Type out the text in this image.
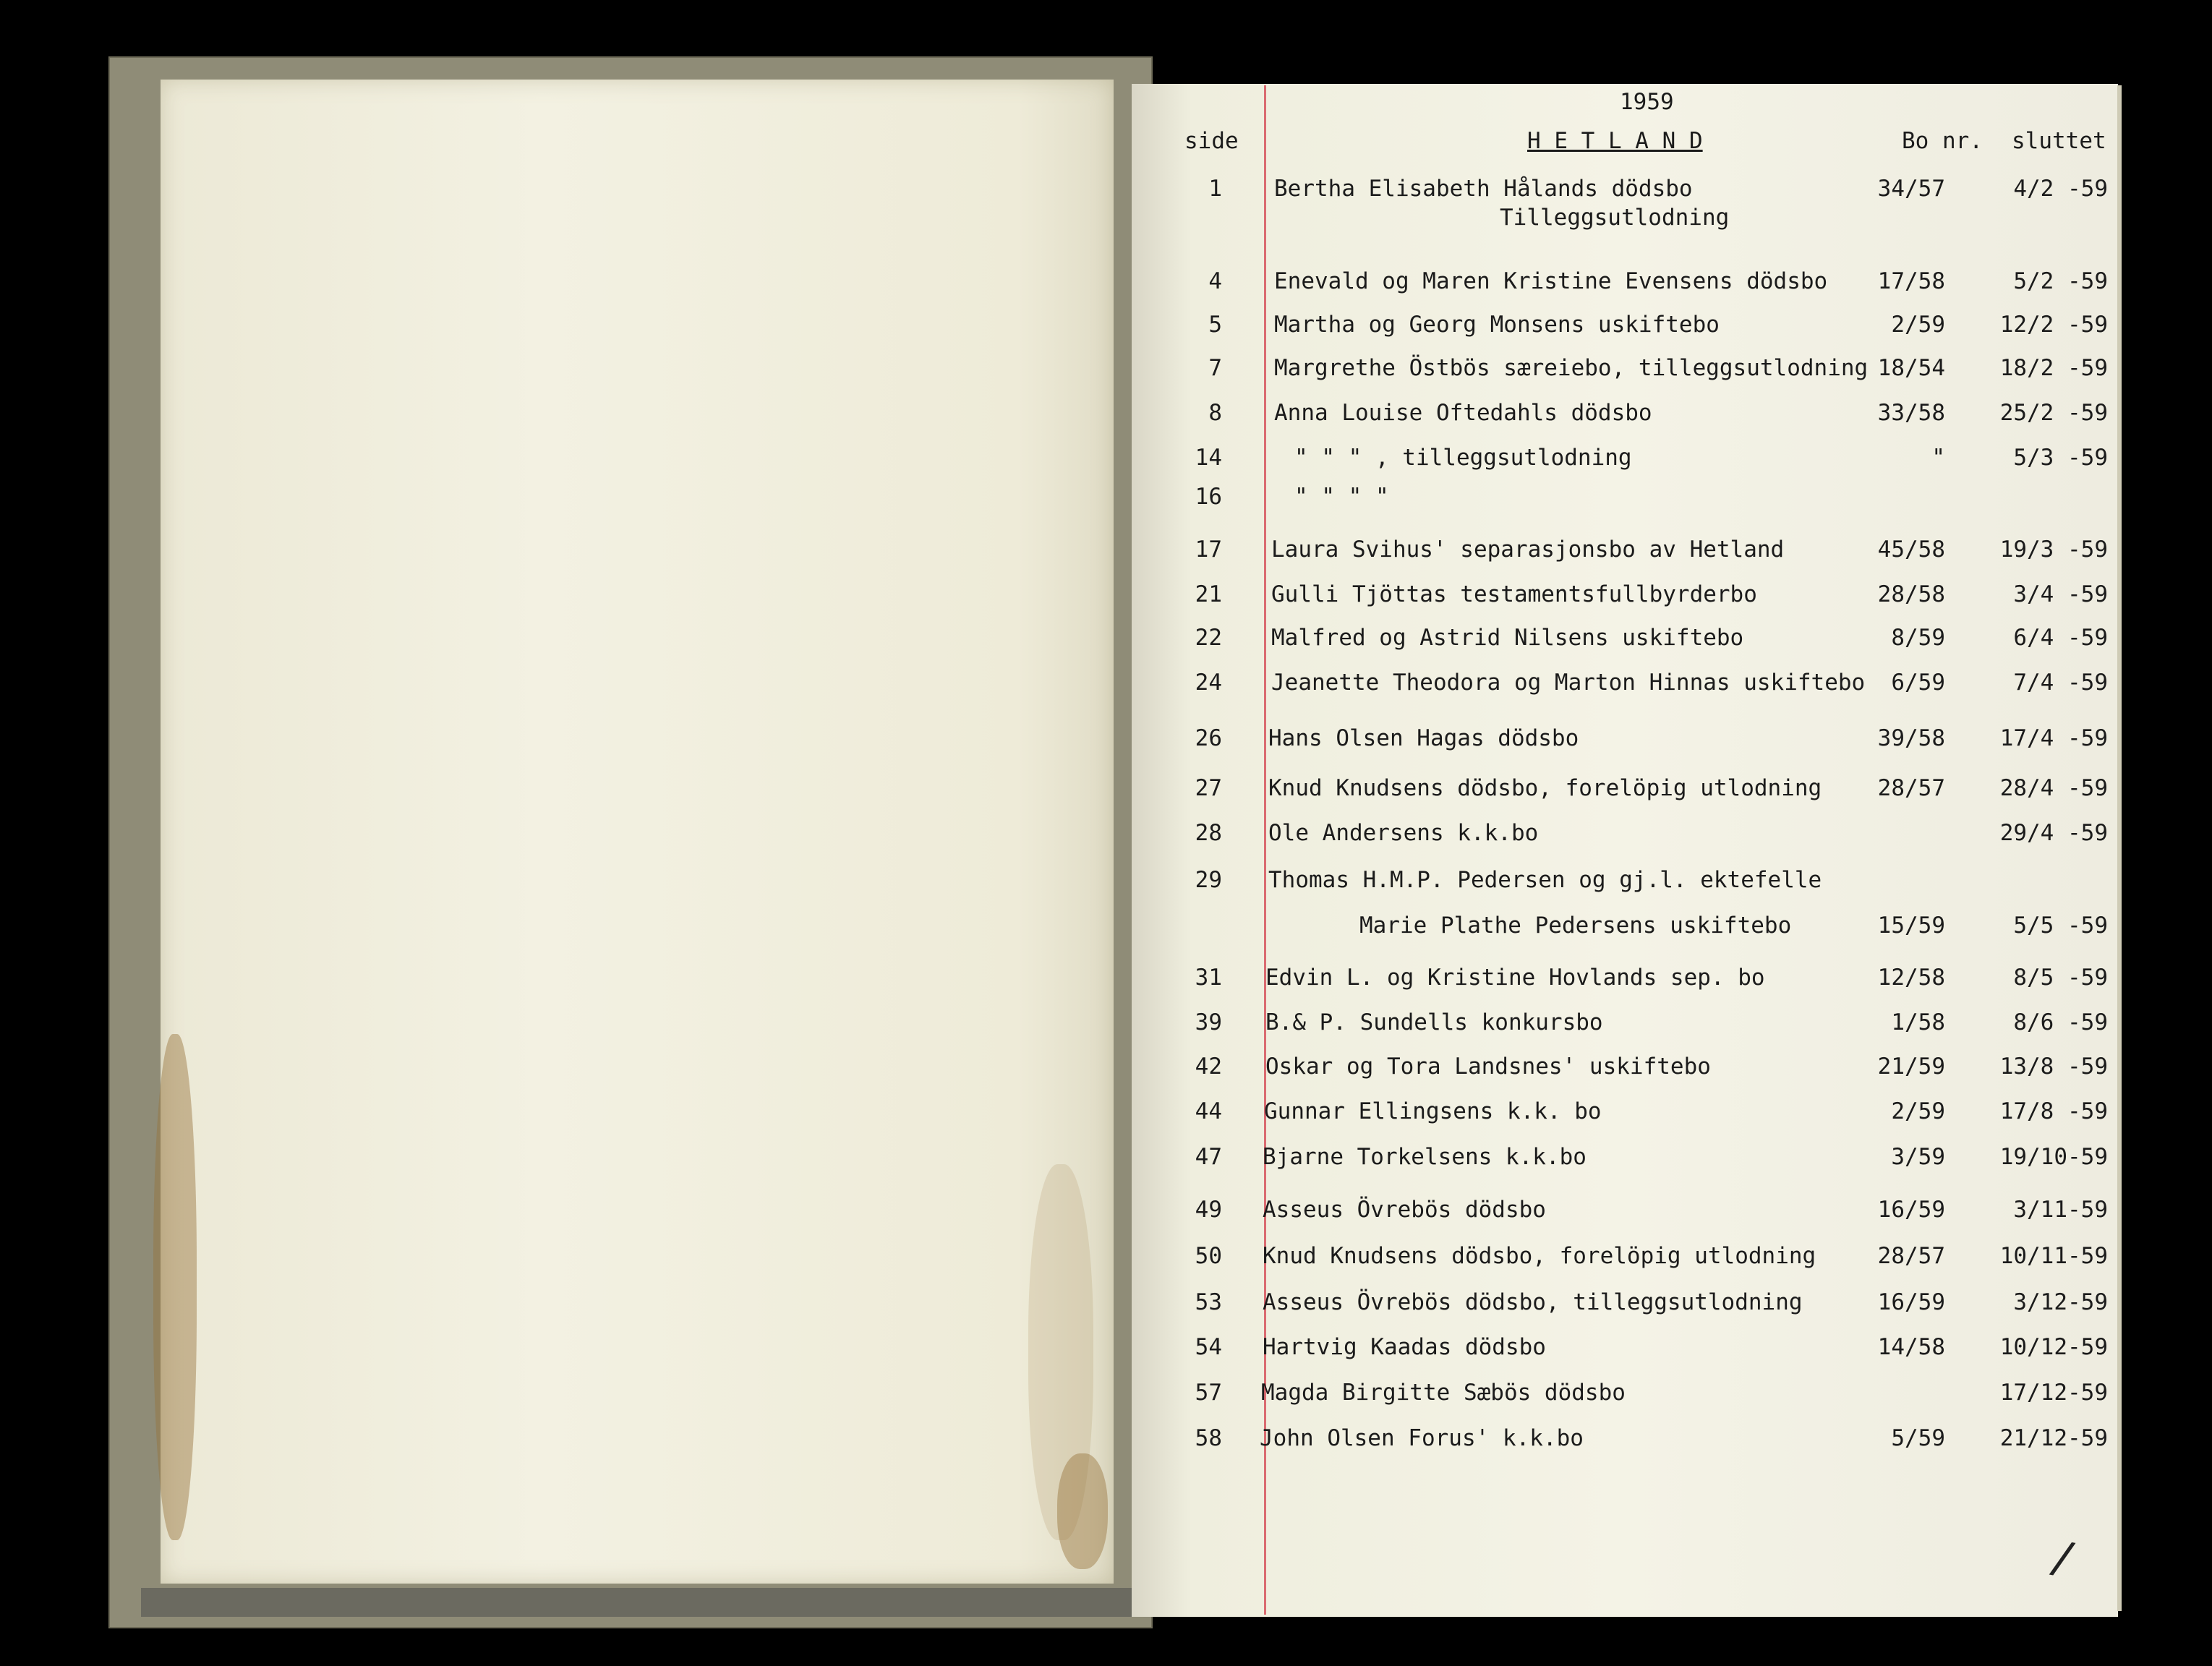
1959
side	H E T L A N D	Bo nr. sluttet
1 Bertha Elisabeth Hålands dödsbo	34/57	4/2 -59
Tilleggsutlodning
4 Enevald og Maren Kristine Evensens dödsbo	17/58	5/2 -59
5 Martha og Georg Monsens uskiftebo	2/59	12/2 -59
7 Margrethe Östbös særeiebo, tilleggsutlodning 18/54	18/2 -59
8 Anna Louise Oftedahls dödsbo	33/58	25/2 -59
14	" " " , tilleggsutlodning	"	5/3 -59
16	" " " "
17 Laura Svihus' separasjonsbo av Hetland	45/58	19/3 -59
21 Gulli Tjöttas testamentsfullbyrderbo	28/58	3/4 -59
22 Malfred og Astrid Nilsens uskiftebo	8/59	6/4 -59
24 Jeanette Theodora og Marton Hinnas uskiftebo	6/59	7/4 -59
26 Hans Olsen Hagas dödsbo	39/58	17/4 -59
27 Knud Knudsens dödsbo, forelöpig utlodning	28/57	28/4 -59
28 Ole Andersens k.k.bo	29/4 -59
29 Thomas H.M.P. Pedersen og gj.l. ektefelle
Marie Plathe Pedersens uskiftebo	15/59	5/5 -59
31 Edvin L. og Kristine Hovlands sep. bo	12/58	8/5 -59
39 B.& P. Sundells konkursbo	1/58	8/6 -59
42 Oskar og Tora Landsnes' uskiftebo	21/59	13/8 -59
44 Gunnar Ellingsens k.k. bo	2/59	17/8 -59
47 Bjarne Torkelsens k.k.bo	3/59	19/10-59
49 Asseus Övrebös dödsbo	16/59	3/11-59
50 Knud Knudsens dödsbo, forelöpig utlodning	28/57	10/11-59
53 Asseus Övrebös dödsbo, tilleggsutlodning	16/59	3/12-59
54 Hartvig Kaadas dödsbo	14/58	10/12-59
57 Magda Birgitte Sæbös dödsbo	17/12-59
58 John Olsen Forus' k.k.bo	5/59	21/12-59
/
